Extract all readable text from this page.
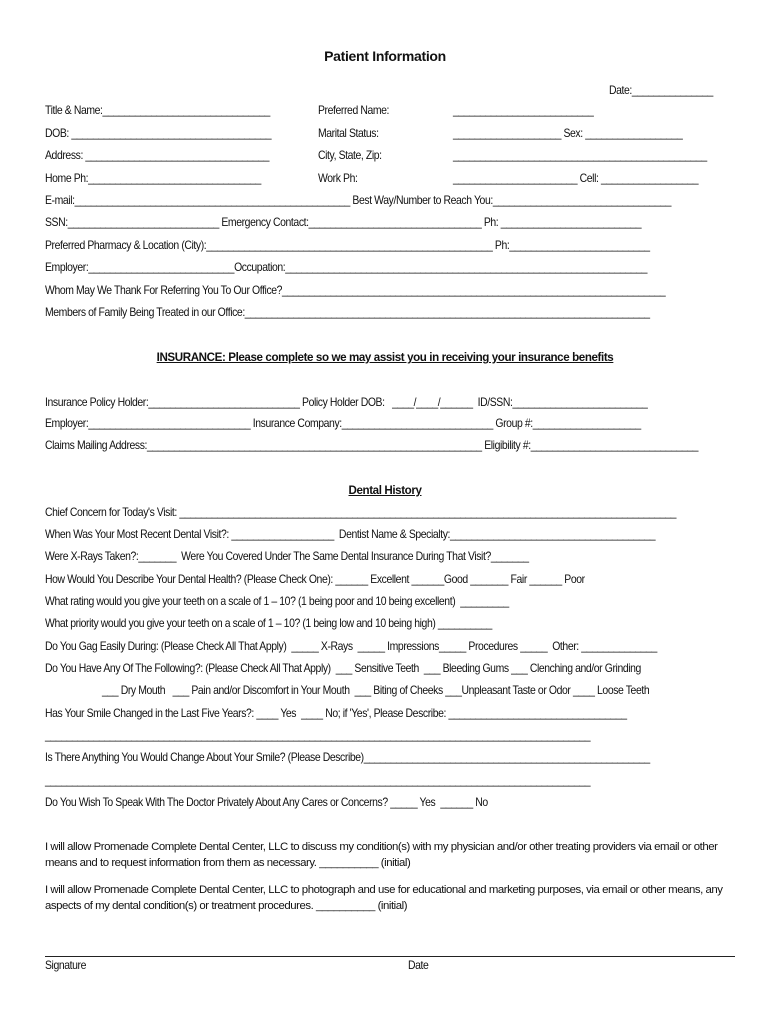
Patient Information
Date:_______________
Title & Name:_______________________________	Preferred Name:	__________________________
DOB: _____________________________________	Marital Status:	____________________ Sex: __________________
Address: __________________________________	City, State, Zip:	_______________________________________________
Home Ph:________________________________	Work Ph:	_______________________ Cell: __________________
E-mail:___________________________________________________ Best Way/Number to Reach You:_________________________________
SSN:____________________________ Emergency Contact:________________________________ Ph: __________________________
Preferred Pharmacy & Location (City):_____________________________________________________ Ph:__________________________
Employer:___________________________Occupation:___________________________________________________________________
Whom May We Thank For Referring You To Our Office?_______________________________________________________________________
Members of Family Being Treated in our Office:___________________________________________________________________________
INSURANCE: Please complete so we may assist you in receiving your insurance benefits
Insurance Policy Holder:____________________________ Policy Holder DOB:   ____/____/______  ID/SSN:_________________________
Employer:______________________________ Insurance Company:____________________________ Group #:____________________
Claims Mailing Address:______________________________________________________________ Eligibility #:_______________________________
Dental History
Chief Concern for Today's Visit: ____________________________________________________________________________________________
When Was Your Most Recent Dental Visit?: ___________________  Dentist Name & Specialty:______________________________________
Were X-Rays Taken?:_______  Were You Covered Under The Same Dental Insurance During That Visit?_______
How Would You Describe Your Dental Health? (Please Check One): ______ Excellent ______Good _______ Fair ______ Poor
What rating would you give your teeth on a scale of 1 – 10? (1 being poor and 10 being excellent)  _________
What priority would you give your teeth on a scale of 1 – 10? (1 being low and 10 being high) __________
Do You Gag Easily During: (Please Check All That Apply)  _____ X-Rays  _____ Impressions_____ Procedures _____  Other: ______________
Do You Have Any Of The Following?: (Please Check All That Apply)  ___ Sensitive Teeth  ___ Bleeding Gums ___ Clenching and/or Grinding
___ Dry Mouth   ___ Pain and/or Discomfort in Your Mouth  ___ Biting of Cheeks ___Unpleasant Taste or Odor ____ Loose Teeth
Has Your Smile Changed in the Last Five Years?: ____ Yes  ____ No; if 'Yes', Please Describe: _________________________________
_____________________________________________________________________________________________________
Is There Anything You Would Change About Your Smile? (Please Describe)_____________________________________________________
_____________________________________________________________________________________________________
Do You Wish To Speak With The Doctor Privately About Any Cares or Concerns? _____ Yes  ______ No
I will allow Promenade Complete Dental Center, LLC to discuss my condition(s) with my physician and/or other treating providers via email or other means and to request information from them as necessary. __________ (initial)
I will allow Promenade Complete Dental Center, LLC to photograph and use for educational and marketing purposes, via email or other means, any aspects of my dental condition(s) or treatment procedures. __________ (initial)
Signature	Date
